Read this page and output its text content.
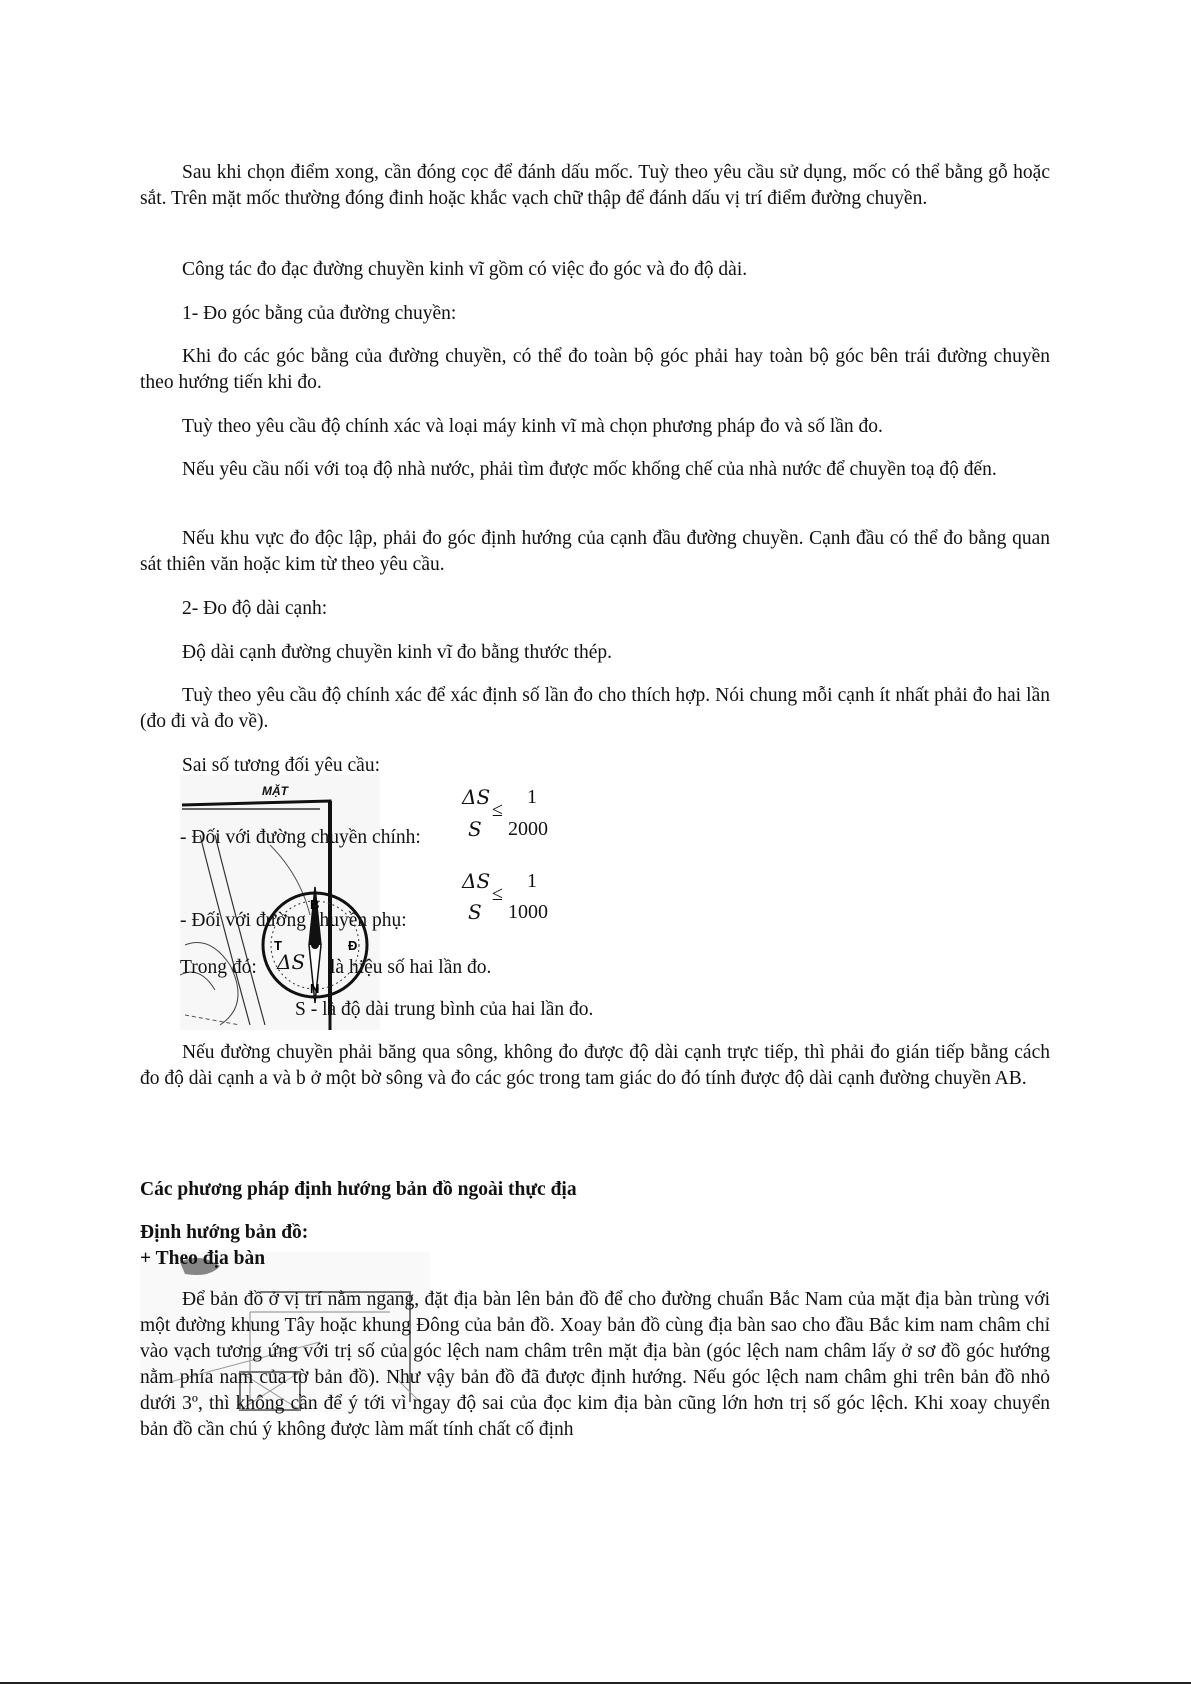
MẶT
B
N
Đ
T

Sau khi chọn điểm xong, cần đóng cọc để đánh dấu mốc. Tuỳ theo yêu cầu sử dụng, mốc có thể bằng gỗ hoặc sắt. Trên mặt mốc thường đóng đinh hoặc khắc vạch chữ thập để đánh dấu vị trí điểm đường chuyền.

Công tác đo đạc đường chuyền kinh vĩ gồm có việc đo góc và đo độ dài.

1- Đo góc bằng của đường chuyền:

Khi đo các góc bằng của đường chuyền, có thể đo toàn bộ góc phải hay toàn bộ góc bên trái đường chuyền theo hướng tiến khi đo.

Tuỳ theo yêu cầu độ chính xác và loại máy kinh vĩ mà chọn phương pháp đo và số lần đo.

Nếu yêu cầu nối với toạ độ nhà nước, phải tìm được mốc khống chế của nhà nước để chuyền toạ độ đến.

Nếu khu vực đo độc lập, phải đo góc định hướng của cạnh đầu đường chuyền. Cạnh đầu có thể đo bằng quan sát thiên văn hoặc kim từ theo yêu cầu.

2- Đo độ dài cạnh:

Độ dài cạnh đường chuyền kinh vĩ đo bằng thước thép.

Tuỳ theo yêu cầu độ chính xác để xác định số lần đo cho thích hợp. Nói chung mỗi cạnh ít nhất phải đo hai lần (đo đi và đo về).

Sai số tương đối yêu cầu:

- Đối với đường chuyền chính:
ΔS
S
≤
1
2000
- Đối với đường chuyền phụ:
ΔS
S
≤
1
1000
Trong đó: ΔS là hiệu số hai lần đo.
S - là độ dài trung bình của hai lần đo.

Nếu đường chuyền phải băng qua sông, không đo được độ dài cạnh trực tiếp, thì phải đo gián tiếp bằng cách đo độ dài cạnh a và b ở một bờ sông và đo các góc trong tam giác do đó tính được độ dài cạnh đường chuyền AB.

Các phương pháp định hướng bản đồ ngoài thực địa
Định hướng bản đồ:
+ Theo địa bàn

Để bản đồ ở vị trí nằm ngang, đặt địa bàn lên bản đồ để cho đường chuẩn Bắc Nam của mặt địa bàn trùng với một đường khung Tây hoặc khung Đông của bản đồ. Xoay bản đồ cùng địa bàn sao cho đầu Bắc kim nam châm chỉ vào vạch tương ứng với trị số của góc lệch nam châm trên mặt địa bàn (góc lệch nam châm lấy ở sơ đồ góc hướng nằm phía nam của tờ bản đồ). Như vậy bản đồ đã được định hướng. Nếu góc lệch nam châm ghi trên bản đồ nhỏ dưới 3º, thì không cần để ý tới vì ngay độ sai của đọc kim địa bàn cũng lớn hơn trị số góc lệch. Khi xoay chuyển bản đồ cần chú ý không được làm mất tính chất cố định
